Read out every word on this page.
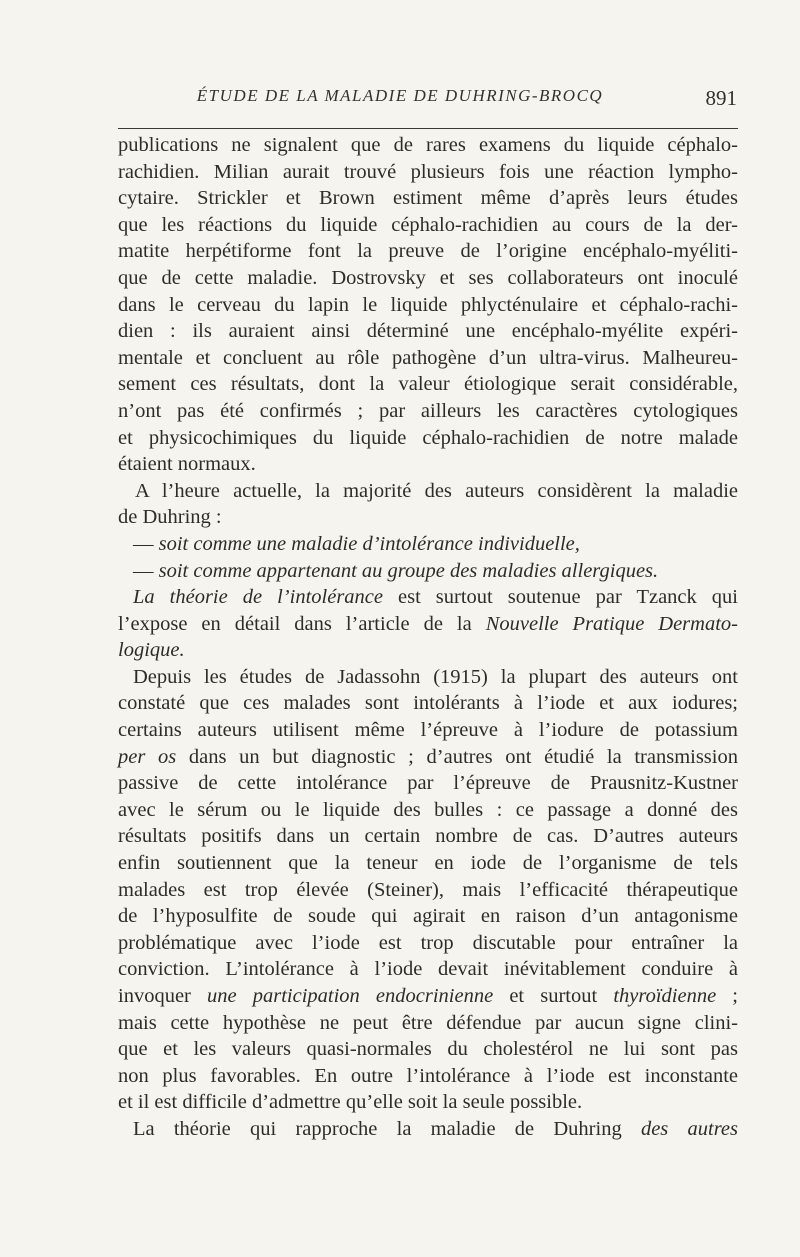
ÉTUDE DE LA MALADIE DE DUHRING-BROCQ	891
publications ne signalent que de rares examens du liquide céphalo-
rachidien. Milian aurait trouvé plusieurs fois une réaction lympho-
cytaire. Strickler et Brown estiment même d’après leurs études
que les réactions du liquide céphalo-rachidien au cours de la der-
matite herpétiforme font la preuve de l’origine encéphalo-myéliti-
que de cette maladie. Dostrovsky et ses collaborateurs ont inoculé
dans le cerveau du lapin le liquide phlycténulaire et céphalo-rachi-
dien : ils auraient ainsi déterminé une encéphalo-myélite expéri-
mentale et concluent au rôle pathogène d’un ultra-virus. Malheureu-
sement ces résultats, dont la valeur étiologique serait considérable,
n’ont pas été confirmés ; par ailleurs les caractères cytologiques
et physicochimiques du liquide céphalo-rachidien de notre malade
étaient normaux.
A l’heure actuelle, la majorité des auteurs considèrent la maladie
de Duhring :
— soit comme une maladie d’intolérance individuelle,
— soit comme appartenant au groupe des maladies allergiques.
La théorie de l’intolérance est surtout soutenue par Tzanck qui
l’expose en détail dans l’article de la Nouvelle Pratique Dermato-
logique.
Depuis les études de Jadassohn (1915) la plupart des auteurs ont
constaté que ces malades sont intolérants à l’iode et aux iodures;
certains auteurs utilisent même l’épreuve à l’iodure de potassium
per os dans un but diagnostic ; d’autres ont étudié la transmission
passive de cette intolérance par l’épreuve de Prausnitz-Kustner
avec le sérum ou le liquide des bulles : ce passage a donné des
résultats positifs dans un certain nombre de cas. D’autres auteurs
enfin soutiennent que la teneur en iode de l’organisme de tels
malades est trop élevée (Steiner), mais l’efficacité thérapeutique
de l’hyposulfite de soude qui agirait en raison d’un antagonisme
problématique avec l’iode est trop discutable pour entraîner la
conviction. L’intolérance à l’iode devait inévitablement conduire à
invoquer une participation endocrinienne et surtout thyroïdienne ;
mais cette hypothèse ne peut être défendue par aucun signe clini-
que et les valeurs quasi-normales du cholestérol ne lui sont pas
non plus favorables. En outre l’intolérance à l’iode est inconstante
et il est difficile d’admettre qu’elle soit la seule possible.
La théorie qui rapproche la maladie de Duhring des autres
